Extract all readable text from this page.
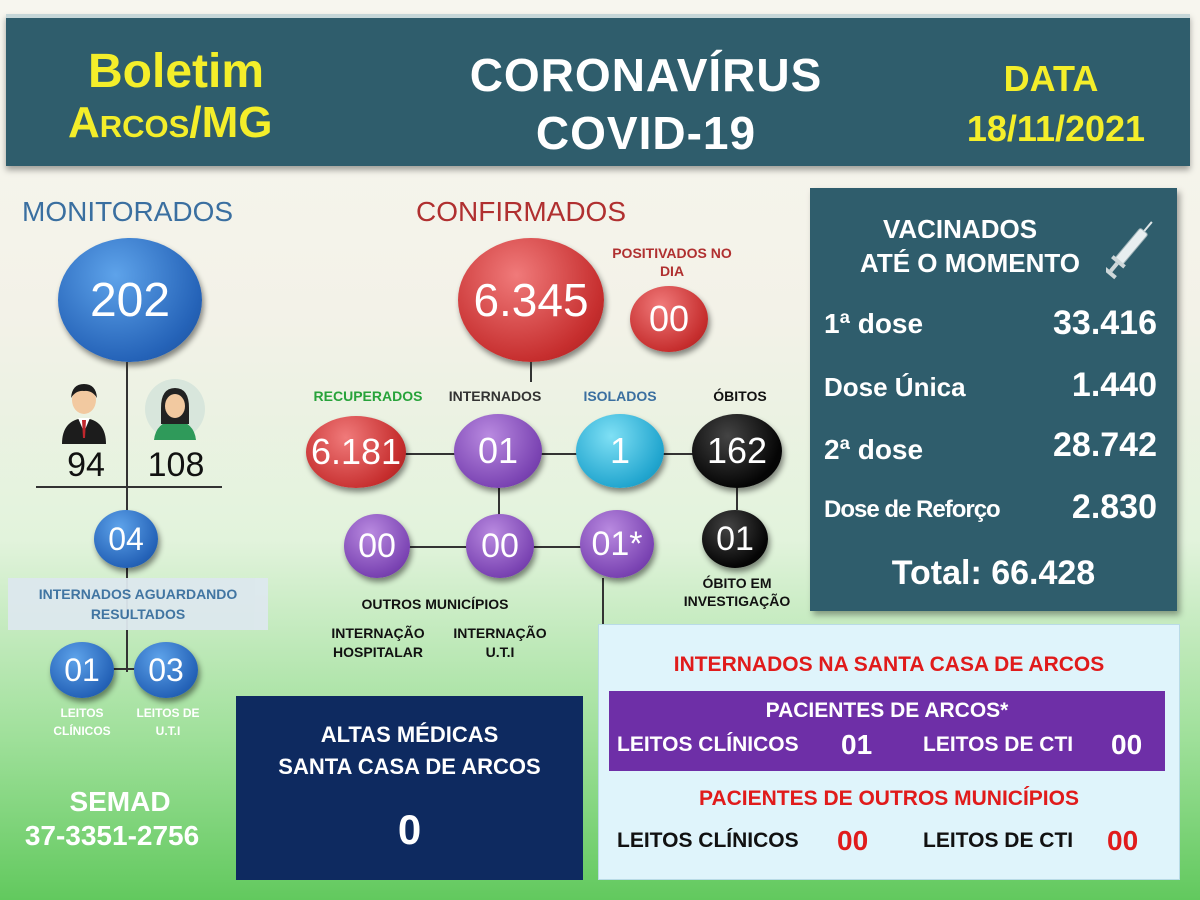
Boletim
Arcos/MG
CORONAVÍRUS
COVID-19
DATA
18/11/2021
MONITORADOS
202
94 108
04
INTERNADOS AGUARDANDO RESULTADOS
01 03
LEITOS CLÍNICOS
LEITOS DE U.T.I
SEMAD
37-3351-2756
CONFIRMADOS
6.345
POSITIVADOS NO DIA
00
RECUPERADOS	INTERNADOS	ISOLADOS	ÓBITOS
6.181 01	1 162
00	00 01* 01
ÓBITO EM INVESTIGAÇÃO
OUTROS MUNICÍPIOS
INTERNAÇÃO HOSPITALAR
INTERNAÇÃO U.T.I
VACINADOS
ATÉ O MOMENTO
1ª dose	33.416
Dose Única	1.440
2ª dose	28.742
Dose de Reforço 2.830
Total: 66.428
ALTAS MÉDICAS
SANTA CASA DE ARCOS
0
INTERNADOS NA SANTA CASA DE ARCOS
PACIENTES DE ARCOS*
LEITOS CLÍNICOS 01 LEITOS DE CTI 00
PACIENTES DE OUTROS MUNICÍPIOS
LEITOS CLÍNICOS 00	LEITOS DE CTI 00
